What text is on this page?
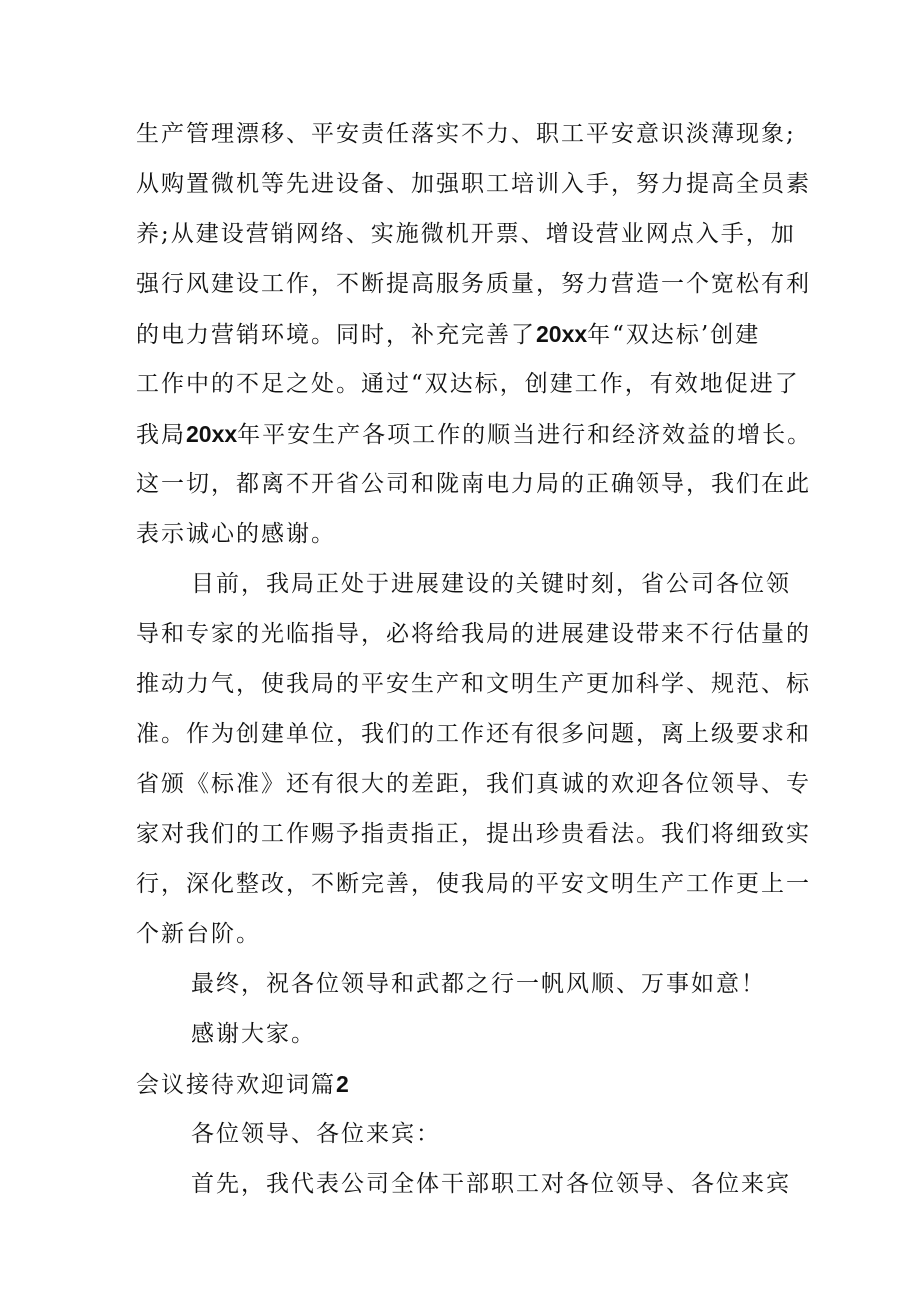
生产管理漂移、平安责任落实不力、职工平安意识淡薄现象;
从购置微机等先进设备、加强职工培训入手，努力提高全员素
养;从建设营销网络、实施微机开票、增设营业网点入手，加
强行风建设工作，不断提高服务质量，努力营造一个宽松有利
的电力营销环境。同时，补充完善了20xx年“双达标’创建
工作中的不足之处。通过“双达标，创建工作，有效地促进了
我局20xx年平安生产各项工作的顺当进行和经济效益的增长。
这一切，都离不开省公司和陇南电力局的正确领导，我们在此
表示诚心的感谢。
目前，我局正处于进展建设的关键时刻，省公司各位领
导和专家的光临指导，必将给我局的进展建设带来不行估量的
推动力气，使我局的平安生产和文明生产更加科学、规范、标
准。作为创建单位，我们的工作还有很多问题，离上级要求和
省颁《标准》还有很大的差距，我们真诚的欢迎各位领导、专
家对我们的工作赐予指责指正，提出珍贵看法。我们将细致实
行，深化整改，不断完善，使我局的平安文明生产工作更上一
个新台阶。
最终，祝各位领导和武都之行一帆风顺、万事如意！
感谢大家。
会议接待欢迎词篇2
各位领导、各位来宾：
首先，我代表公司全体干部职工对各位领导、各位来宾
